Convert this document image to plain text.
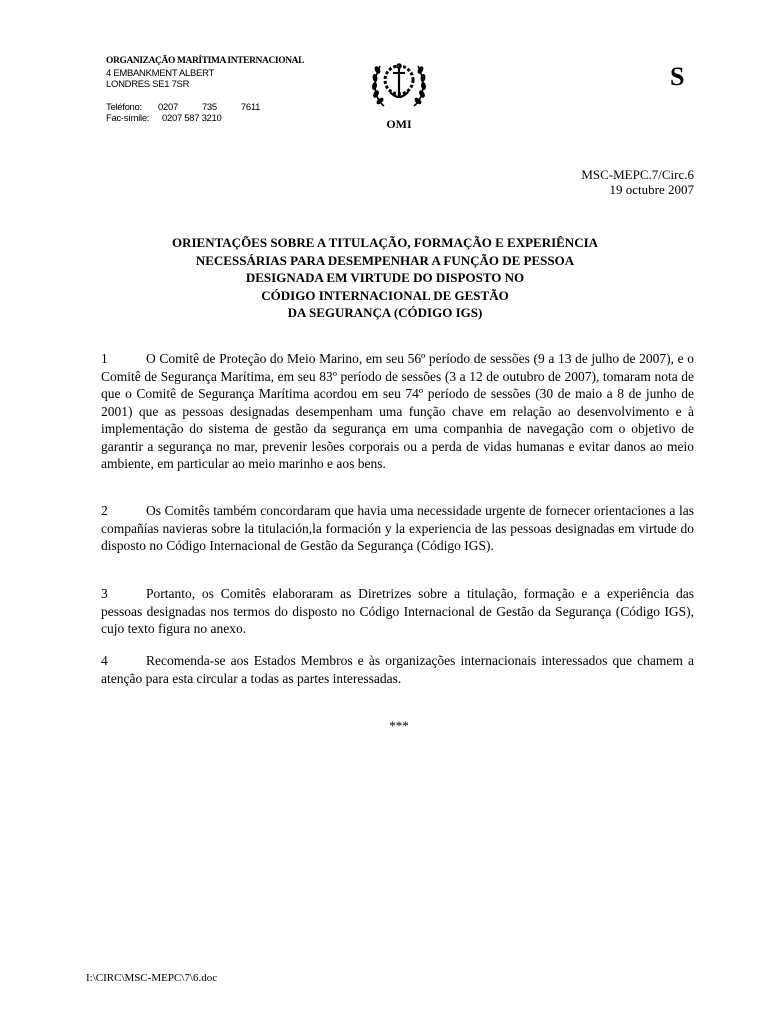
ORGANIZAÇÃO MARÍTIMA INTERNACIONAL
4 EMBANKMENT ALBERT
LONDRES SE1 7SR
Teléfono:	0207	735	7611
Fac-símile:	0207 587 3210	OMI
S
MSC-MEPC.7/Circ.6
19 octubre 2007
ORIENTAÇÕES SOBRE A TITULAÇÃO, FORMAÇÃO E EXPERIÊNCIA
NECESSÁRIAS PARA DESEMPENHAR A FUNÇÃO DE PESSOA
DESIGNADA EM VIRTUDE DO DISPOSTO NO
CÓDIGO INTERNACIONAL DE GESTÃO
DA SEGURANÇA (CÓDIGO IGS)

1	O Comitê de Proteção do Meio Marino, em seu 56º período de sessões (9 a 13 de julho de 2007), e o Comitê de Segurança Marítima, em seu 83º período de sessões (3 a 12 de outubro de 2007), tomaram nota de que o Comitê de Segurança Marítima acordou em seu 74º período de sessões (30 de maio a 8 de junho de 2001) que as pessoas designadas desempenham uma função chave em relação ao desenvolvimento e à implementação do sistema de gestão da segurança em uma companhia de navegação com o objetivo de garantir a segurança no mar, prevenir lesões corporais ou a perda de vidas humanas e evitar danos ao meio ambiente, em particular ao meio marinho e aos bens.

2	Os Comitês também concordaram que havia uma necessidade urgente de fornecer orientaciones a las compañías navieras sobre la titulación,la formación y la experiencia de las pessoas designadas em virtude do disposto no Código Internacional de Gestão da Segurança (Código IGS).

3	Portanto, os Comitês elaboraram as Diretrizes sobre a titulação, formação e a experiência das pessoas designadas nos termos do disposto no Código Internacional de Gestão da Segurança (Código IGS), cujo texto figura no anexo.

4	Recomenda-se aos Estados Membros e às organizações internacionais interessados que chamem a atenção para esta circular a todas as partes interessadas.

***
I:\CIRC\MSC-MEPC\7\6.doc
